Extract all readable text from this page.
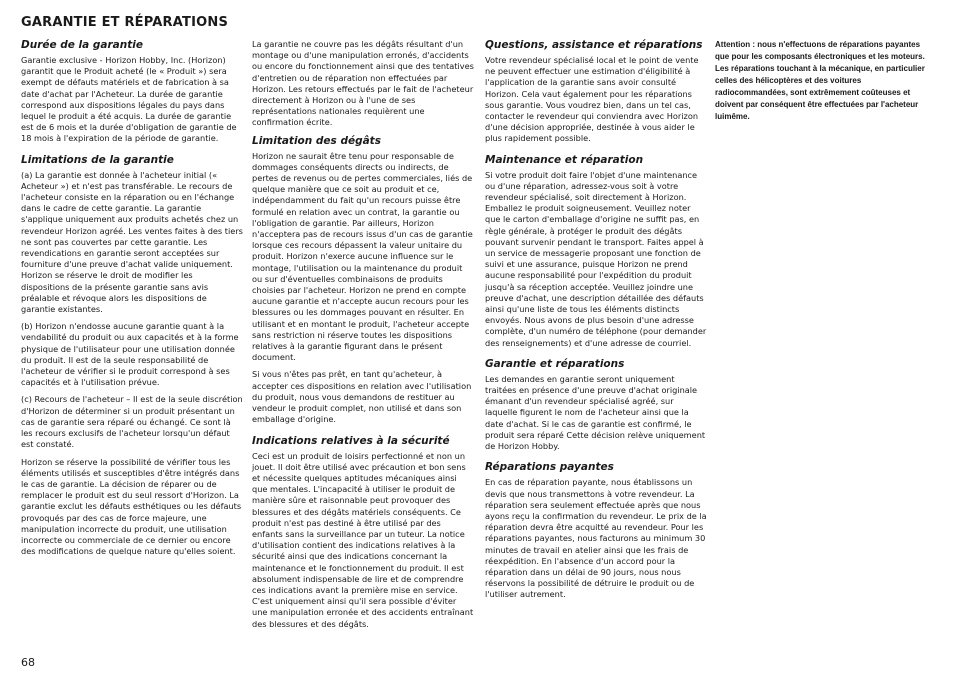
GARANTIE ET RÉPARATIONS
Durée de la garantie

Garantie exclusive - Horizon Hobby, Inc. (Horizon) garantit que le Produit acheté (le « Produit ») sera exempt de défauts matériels et de fabrication à sa date d'achat par l'Acheteur. La durée de garantie correspond aux dispositions légales du pays dans lequel le produit a été acquis. La durée de garantie est de 6 mois et la durée d'obligation de garantie de 18 mois à l'expiration de la période de garantie.

Limitations de la garantie

(a) La garantie est donnée à l'acheteur initial (« Acheteur ») et n'est pas transférable. Le recours de l'acheteur consiste en la réparation ou en l'échange dans le cadre de cette garantie. La garantie s'applique uniquement aux produits achetés chez un revendeur Horizon agréé. Les ventes faites à des tiers ne sont pas couvertes par cette garantie. Les revendications en garantie seront acceptées sur fourniture d'une preuve d'achat valide uniquement. Horizon se réserve le droit de modifier les dispositions de la présente garantie sans avis préalable et révoque alors les dispositions de garantie existantes.

(b) Horizon n'endosse aucune garantie quant à la vendabilité du produit ou aux capacités et à la forme physique de l'utilisateur pour une utilisation donnée du produit. Il est de la seule responsabilité de l'acheteur de vérifier si le produit correspond à ses capacités et à l'utilisation prévue.

(c) Recours de l'acheteur – Il est de la seule discrétion d'Horizon de déterminer si un produit présentant un cas de garantie sera réparé ou échangé. Ce sont là les recours exclusifs de l'acheteur lorsqu'un défaut est constaté.

Horizon se réserve la possibilité de vérifier tous les éléments utilisés et susceptibles d'être intégrés dans le cas de garantie. La décision de réparer ou de remplacer le produit est du seul ressort d'Horizon. La garantie exclut les défauts esthétiques ou les défauts provoqués par des cas de force majeure, une manipulation incorrecte du produit, une utilisation incorrecte ou commerciale de ce dernier ou encore des modifications de quelque nature qu'elles soient.

La garantie ne couvre pas les dégâts résultant d'un montage ou d'une manipulation erronés, d'accidents ou encore du fonctionnement ainsi que des tentatives d'entretien ou de réparation non effectuées par Horizon. Les retours effectués par le fait de l'acheteur directement à Horizon ou à l'une de ses représentations nationales requièrent une confirmation écrite.

Limitation des dégâts

Horizon ne saurait être tenu pour responsable de dommages conséquents directs ou indirects, de pertes de revenus ou de pertes commerciales, liés de quelque manière que ce soit au produit et ce, indépendamment du fait qu'un recours puisse être formulé en relation avec un contrat, la garantie ou l'obligation de garantie. Par ailleurs, Horizon n'acceptera pas de recours issus d'un cas de garantie lorsque ces recours dépassent la valeur unitaire du produit. Horizon n'exerce aucune influence sur le montage, l'utilisation ou la maintenance du produit ou sur d'éventuelles combinaisons de produits choisies par l'acheteur. Horizon ne prend en compte aucune garantie et n'accepte aucun recours pour les blessures ou les dommages pouvant en résulter. En utilisant et en montant le produit, l'acheteur accepte sans restriction ni réserve toutes les dispositions relatives à la garantie figurant dans le présent document.

Si vous n'êtes pas prêt, en tant qu'acheteur, à accepter ces dispositions en relation avec l'utilisation du produit, nous vous demandons de restituer au vendeur le produit complet, non utilisé et dans son emballage d'origine.

Indications relatives à la sécurité

Ceci est un produit de loisirs perfectionné et non un jouet. Il doit être utilisé avec précaution et bon sens et nécessite quelques aptitudes mécaniques ainsi que mentales. L'incapacité à utiliser le produit de manière sûre et raisonnable peut provoquer des blessures et des dégâts matériels conséquents. Ce produit n'est pas destiné à être utilisé par des enfants sans la surveillance par un tuteur. La notice d'utilisation contient des indications relatives à la sécurité ainsi que des indications concernant la maintenance et le fonctionnement du produit. Il est absolument indispensable de lire et de comprendre ces indications avant la première mise en service. C'est uniquement ainsi qu'il sera possible d'éviter une manipulation erronée et des accidents entraînant des blessures et des dégâts.

Questions, assistance et réparations

Votre revendeur spécialisé local et le point de vente ne peuvent effectuer une estimation d'éligibilité à l'application de la garantie sans avoir consulté Horizon. Cela vaut également pour les réparations sous garantie. Vous voudrez bien, dans un tel cas, contacter le revendeur qui conviendra avec Horizon d'une décision appropriée, destinée à vous aider le plus rapidement possible.

Maintenance et réparation

Si votre produit doit faire l'objet d'une maintenance ou d'une réparation, adressez-vous soit à votre revendeur spécialisé, soit directement à Horizon. Emballez le produit soigneusement. Veuillez noter que le carton d'emballage d'origine ne suffit pas, en règle générale, à protéger le produit des dégâts pouvant survenir pendant le transport. Faites appel à un service de messagerie proposant une fonction de suivi et une assurance, puisque Horizon ne prend aucune responsabilité pour l'expédition du produit jusqu'à sa réception acceptée. Veuillez joindre une preuve d'achat, une description détaillée des défauts ainsi qu'une liste de tous les éléments distincts envoyés. Nous avons de plus besoin d'une adresse complète, d'un numéro de téléphone (pour demander des renseignements) et d'une adresse de courriel.

Garantie et réparations

Les demandes en garantie seront uniquement traitées en présence d'une preuve d'achat originale émanant d'un revendeur spécialisé agréé, sur laquelle figurent le nom de l'acheteur ainsi que la date d'achat. Si le cas de garantie est confirmé, le produit sera réparé Cette décision relève uniquement de Horizon Hobby.

Réparations payantes

En cas de réparation payante, nous établissons un devis que nous transmettons à votre revendeur. La réparation sera seulement effectuée après que nous ayons reçu la confirmation du revendeur. Le prix de la réparation devra être acquitté au revendeur. Pour les réparations payantes, nous facturons au minimum 30 minutes de travail en atelier ainsi que les frais de réexpédition. En l'absence d'un accord pour la réparation dans un délai de 90 jours, nous nous réservons la possibilité de détruire le produit ou de l'utiliser autrement.

Attention : nous n'effectuons de réparations payantes que pour les composants électroniques et les moteurs. Les réparations touchant à la mécanique, en particulier celles des hélicoptères et des voitures radiocommandées, sont extrêmement coûteuses et doivent par conséquent être effectuées par l'acheteur luimême.

68
